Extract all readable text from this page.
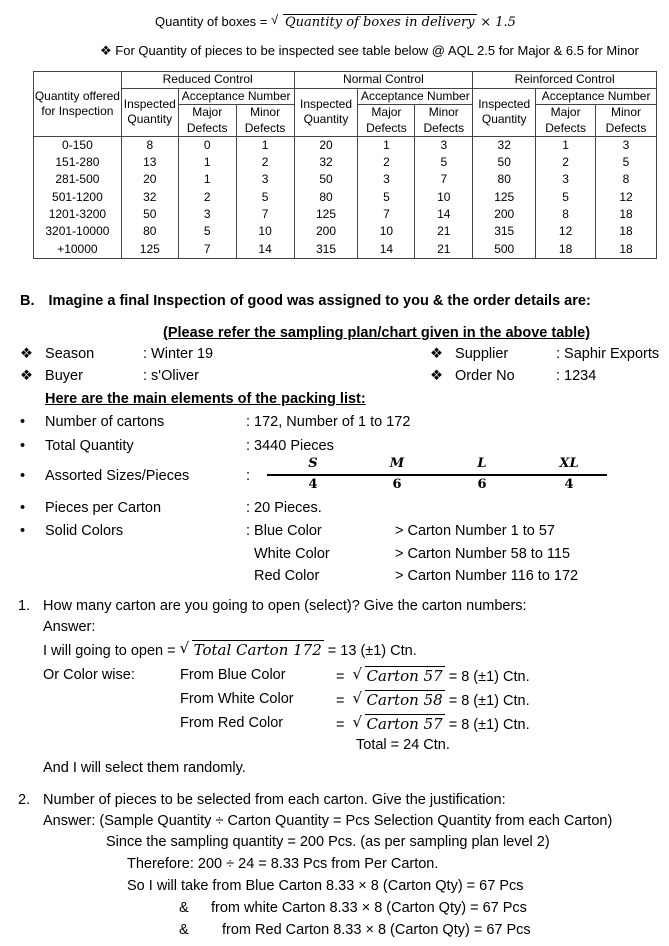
Quantity of boxes = √ Quantity of boxes in delivery × 1.5
❖ For Quantity of pieces to be inspected see table below @ AQL 2.5 for Major & 6.5 for Minor
Quantity offered for Inspection	Reduced Control			Normal Control			Reinforced Control		
	Inspected Quantity	Acceptance Number		Inspected Quantity	Acceptance Number		Inspected Quantity	Acceptance Number	
		Major Defects	Minor Defects		Major Defects	Minor Defects		Major Defects	Minor Defects

0-150	8	0	1	20	1	3	32	1	3
151-280	13	1	2	32	2	5	50	2	5
281-500	20	1	3	50	3	7	80	3	8
501-1200	32	2	5	80	5	10	125	5	12
1201-3200	50	3	7	125	7	14	200	8	18
3201-10000	80	5	10	200	10	21	315	12	18
+10000	125	7	14	315	14	21	500	18	18
B. Imagine a final Inspection of good was assigned to you & the order details are:
(Please refer the sampling plan/chart given in the above table)
❖ Season	: Winter 19	❖ Supplier	: Saphir Exports
❖ Buyer	: s'Oliver	❖ Order No	: 1234
Here are the main elements of the packing list:
• Number of cartons	: 172, Number of 1 to 172
• Total Quantity	: 3440 Pieces
• Assorted Sizes/Pieces	:
S	M	L	XL
4	6	6	4
• Pieces per Carton	: 20 Pieces.
• Solid Colors	: Blue Color	> Carton Number 1 to 57
White Color	> Carton Number 58 to 115
Red Color	> Carton Number 116 to 172
1. How many carton are you going to open (select)? Give the carton numbers:
Answer:
I will going to open = √ Total Carton 172 = 13 (±1) Ctn.
Or Color wise:	From Blue Color	= √ Carton 57 = 8 (±1) Ctn.
From White Color	= √ Carton 58 = 8 (±1) Ctn.
From Red Color	= √ Carton 57 = 8 (±1) Ctn.
Total = 24 Ctn.
And I will select them randomly.
2. Number of pieces to be selected from each carton. Give the justification:
Answer: (Sample Quantity ÷ Carton Quantity = Pcs Selection Quantity from each Carton)
Since the sampling quantity = 200 Pcs. (as per sampling plan level 2)
Therefore: 200 ÷ 24 = 8.33 Pcs from Per Carton.
So I will take from Blue Carton 8.33 × 8 (Carton Qty) = 67 Pcs
& from white Carton 8.33 × 8 (Carton Qty) = 67 Pcs
& from Red Carton 8.33 × 8 (Carton Qty) = 67 Pcs
